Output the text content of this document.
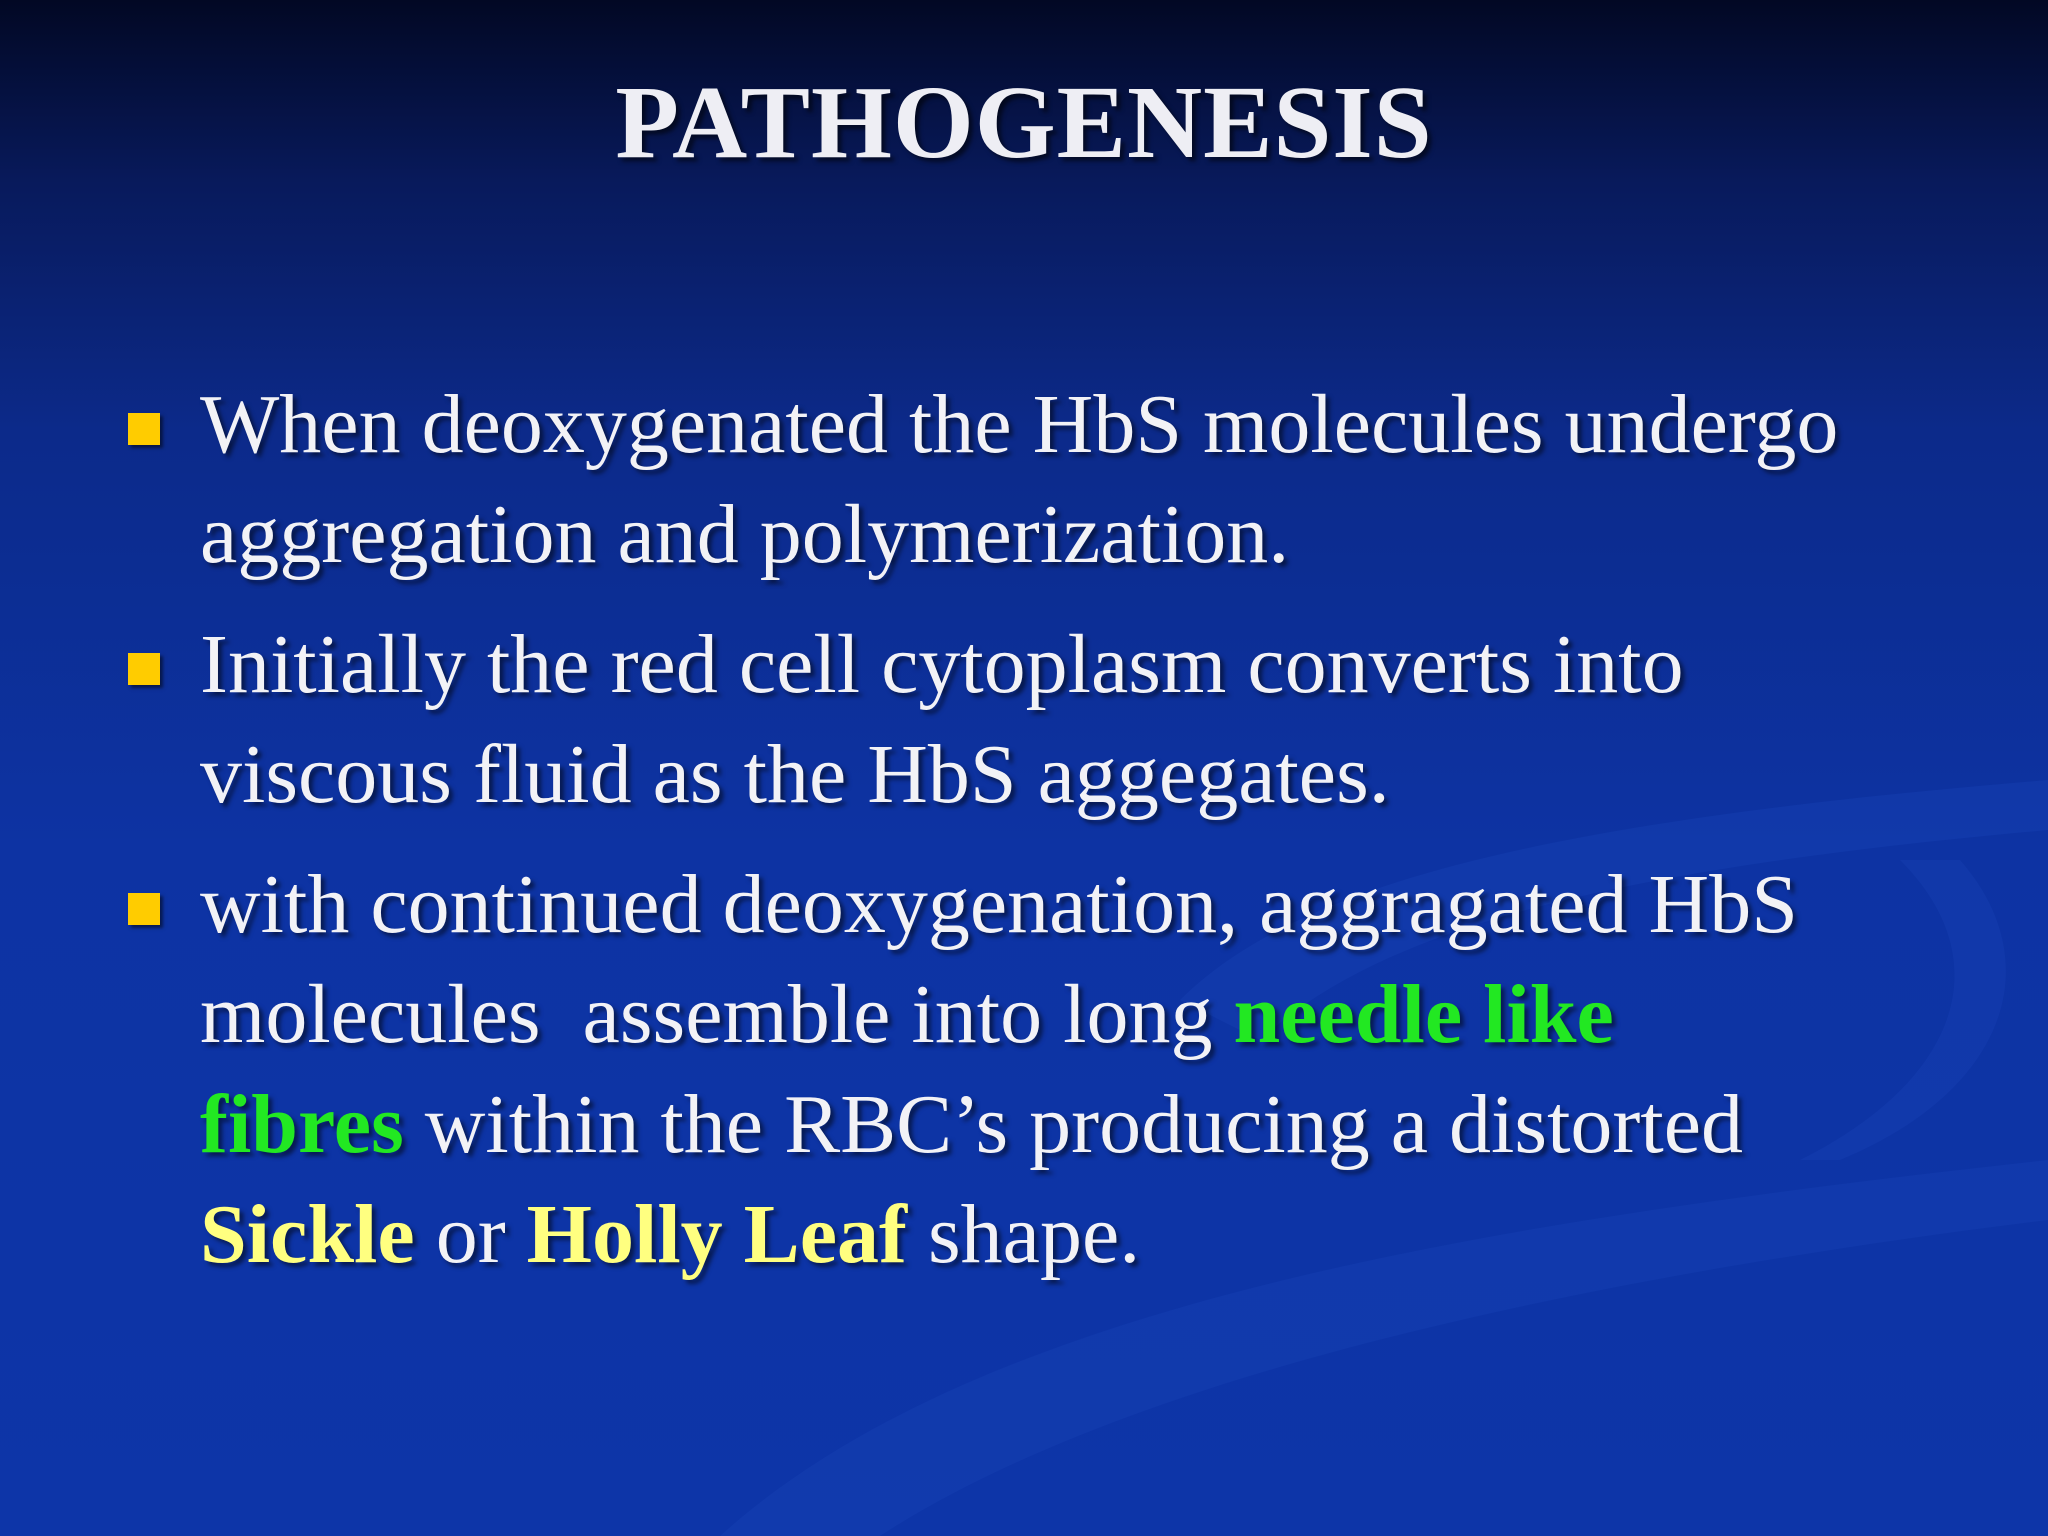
PATHOGENESIS
When deoxygenated the HbS molecules undergo
aggregation and polymerization.
Initially the red cell cytoplasm converts into
viscous fluid as the HbS aggegates.
with continued deoxygenation, aggragated HbS
molecules  assemble into long needle like
fibres within the RBC’s producing a distorted
Sickle or Holly Leaf shape.
